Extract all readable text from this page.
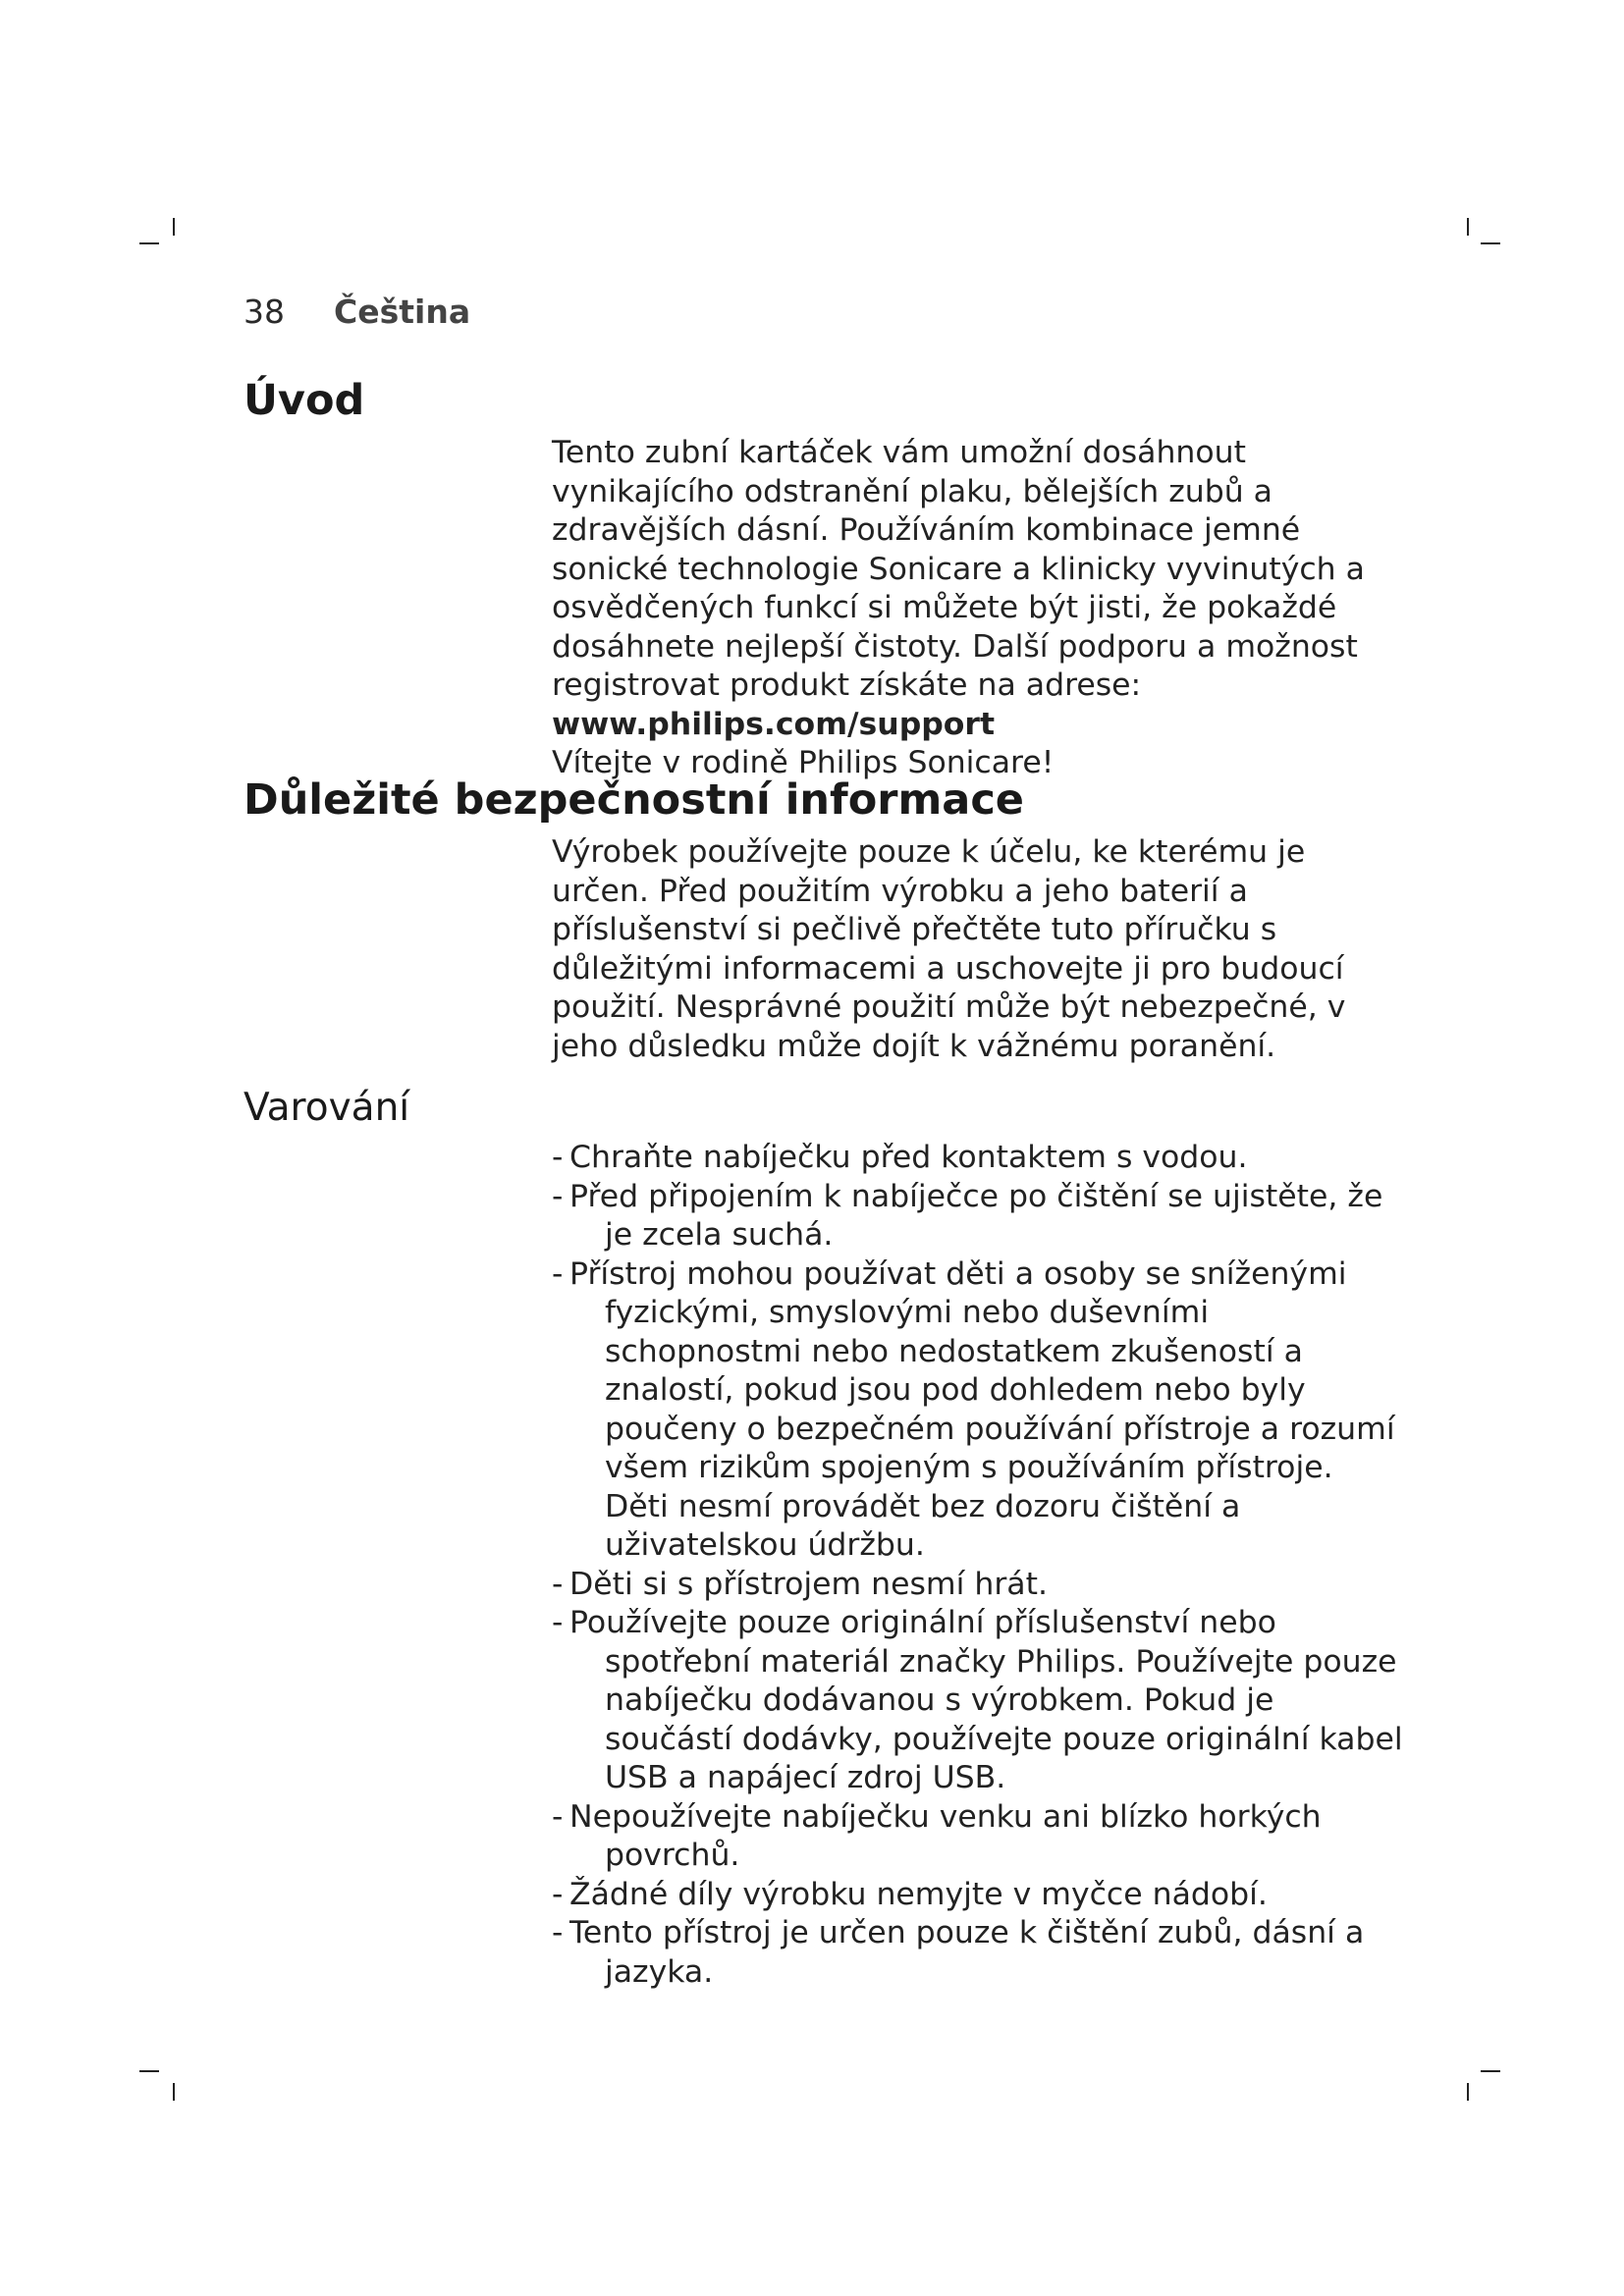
38 Čeština
Úvod

Tento zubní kartáček vám umožní dosáhnout vynikajícího odstranění plaku, bělejších zubů a zdravějších dásní. Používáním kombinace jemné sonické technologie Sonicare a klinicky vyvinutých a osvědčených funkcí si můžete být jisti, že pokaždé dosáhnete nejlepší čistoty. Další podporu a možnost registrovat produkt získáte na adrese: www.philips.com/support

Vítejte v rodině Philips Sonicare!

Důležité bezpečnostní informace

Výrobek používejte pouze k účelu, ke kterému je určen. Před použitím výrobku a jeho baterií a příslušenství si pečlivě přečtěte tuto příručku s důležitými informacemi a uschovejte ji pro budoucí použití. Nesprávné použití může být nebezpečné, v jeho důsledku může dojít k vážnému poranění.

Varování
- Chraňte nabíječku před kontaktem s vodou.
- Před připojením k nabíječce po čištění se ujistěte, že je zcela suchá.
- Přístroj mohou používat děti a osoby se sníženými fyzickými, smyslovými nebo duševními schopnostmi nebo nedostatkem zkušeností a znalostí, pokud jsou pod dohledem nebo byly poučeny o bezpečném používání přístroje a rozumí všem rizikům spojeným s používáním přístroje. Děti nesmí provádět bez dozoru čištění a uživatelskou údržbu.
- Děti si s přístrojem nesmí hrát.
- Používejte pouze originální příslušenství nebo spotřební materiál značky Philips. Používejte pouze nabíječku dodávanou s výrobkem. Pokud je součástí dodávky, používejte pouze originální kabel USB a napájecí zdroj USB.
- Nepoužívejte nabíječku venku ani blízko horkých povrchů.
- Žádné díly výrobku nemyjte v myčce nádobí.
- Tento přístroj je určen pouze k čištění zubů, dásní a jazyka.
